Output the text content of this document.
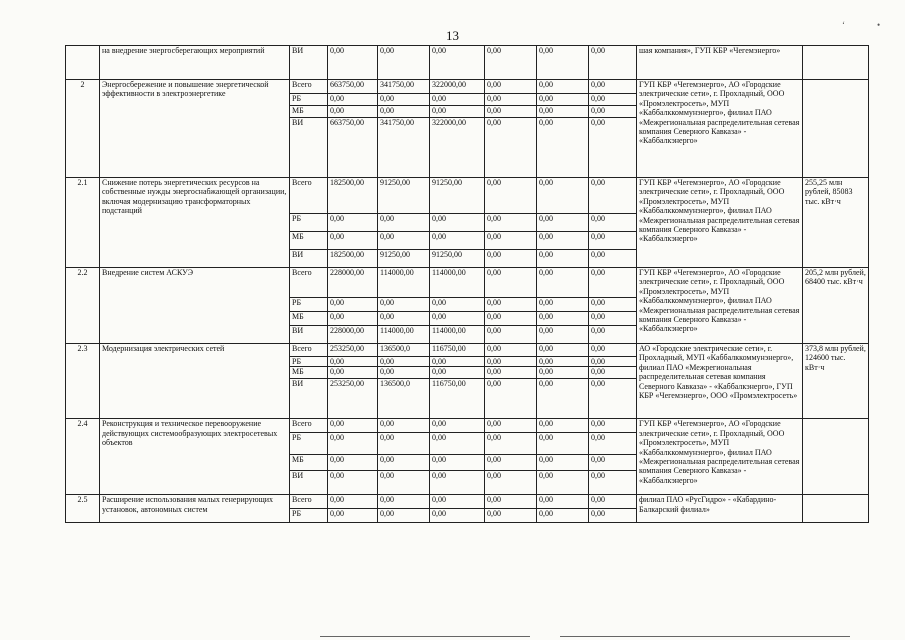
13
ʻ	•
	на внедрение энергосберегающих мероприятий	ВИ	0,00	0,00	0,00	0,00	0,00	0,00	шая компания», ГУП КБР «Чегемэнерго»	
2	Энергосбережение и повышение энергетической эффективности в электроэнергетике	Всего	663750,00	341750,00	322000,00	0,00	0,00	0,00	ГУП КБР «Чегемэнерго», АО «Городские электрические сети», г. Прохладный, ООО «Промэлектросеть», МУП «Каббалккоммунэнерго», филиал ПАО «Межрегиональная распределительная сетевая компания Северного Кавказа» - «Каббалкэнерго»	
		РБ	0,00	0,00	0,00	0,00	0,00	0,00		
		МБ	0,00	0,00	0,00	0,00	0,00	0,00		
		ВИ	663750,00	341750,00	322000,00	0,00	0,00	0,00		
2.1	Снижение потерь энергетических ресурсов на собственные нужды энергоснабжающей организации, включая модернизацию трансформаторных подстанций	Всего	182500,00	91250,00	91250,00	0,00	0,00	0,00	ГУП КБР «Чегемэнерго», АО «Городские электрические сети», г. Прохладный, ООО «Промэлектросеть», МУП «Каббалккоммунэнерго», филиал ПАО «Межрегиональная распределительная сетевая компания Северного Кавказа» - «Каббалкэнерго»	255,25 млн рублей, 85083 тыс. кВт·ч
		РБ	0,00	0,00	0,00	0,00	0,00	0,00		
		МБ	0,00	0,00	0,00	0,00	0,00	0,00		
		ВИ	182500,00	91250,00	91250,00	0,00	0,00	0,00		
2.2	Внедрение систем АСКУЭ	Всего	228000,00	114000,00	114000,00	0,00	0,00	0,00	ГУП КБР «Чегемэнерго», АО «Городские электрические сети», г. Прохладный, ООО «Промэлектросеть», МУП «Каббалккоммунэнерго», филиал ПАО «Межрегиональная распределительная сетевая компания Северного Кавказа» - «Каббалкэнерго»	205,2 млн рублей, 68400 тыс. кВт·ч
		РБ	0,00	0,00	0,00	0,00	0,00	0,00		
		МБ	0,00	0,00	0,00	0,00	0,00	0,00		
		ВИ	228000,00	114000,00	114000,00	0,00	0,00	0,00		
2.3	Модернизация электрических сетей	Всего	253250,00	136500,0	116750,00	0,00	0,00	0,00	АО «Городские электрические сети», г. Прохладный, МУП «Каббалккоммунэнерго», филиал ПАО «Межрегиональная распределительная сетевая компания Северного Кавказа» - «Каббалкэнерго», ГУП КБР «Чегемэнерго», ООО «Промэлектросеть»	373,8 млн рублей, 124600 тыс. кВт·ч
		РБ	0,00	0,00	0,00	0,00	0,00	0,00		
		МБ	0,00	0,00	0,00	0,00	0,00	0,00		
		ВИ	253250,00	136500,0	116750,00	0,00	0,00	0,00		
2.4	Реконструкция и техническое перевооружение действующих системообразующих электросетевых объектов	Всего	0,00	0,00	0,00	0,00	0,00	0,00	ГУП КБР «Чегемэнерго», АО «Городские электрические сети», г. Прохладный, ООО «Промэлектросеть», МУП «Каббалккоммунэнерго», филиал ПАО «Межрегиональная распределительная сетевая компания Северного Кавказа» - «Каббалкэнерго»	
		РБ	0,00	0,00	0,00	0,00	0,00	0,00		
		МБ	0,00	0,00	0,00	0,00	0,00	0,00		
		ВИ	0,00	0,00	0,00	0,00	0,00	0,00		
2.5	Расширение использования малых генерирующих установок, автономных систем	Всего	0,00	0,00	0,00	0,00	0,00	0,00	филиал ПАО «РусГидро» - «Кабардино-Балкарский филиал»	
		РБ	0,00	0,00	0,00	0,00	0,00	0,00		
